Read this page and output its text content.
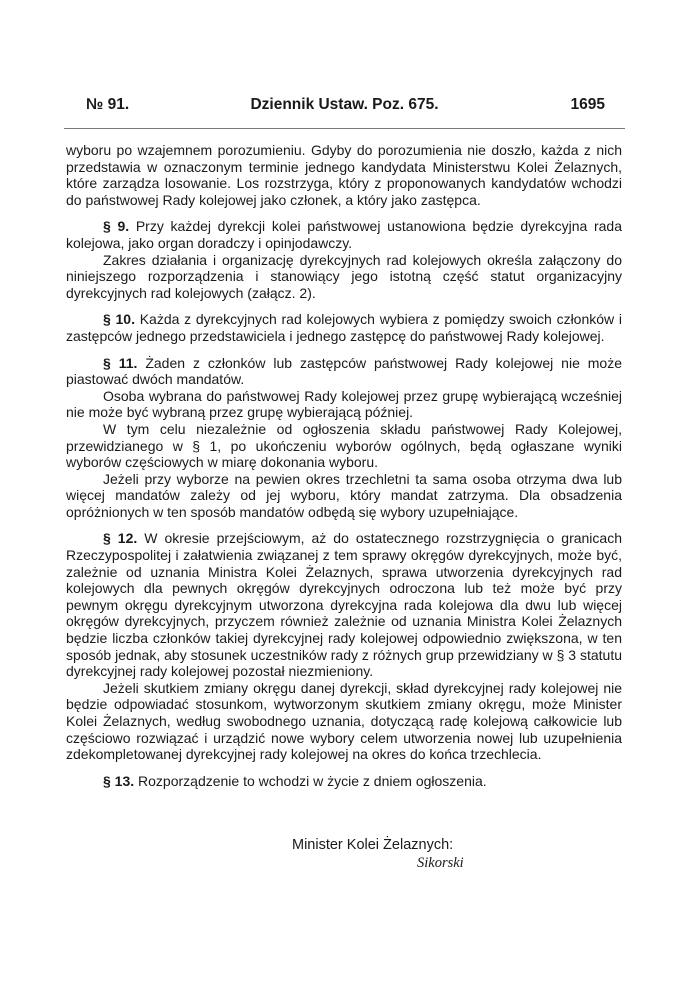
№ 91.	Dziennik Ustaw. Poz. 675.	1695

wyboru po wzajemnem porozumieniu. Gdyby do porozumienia nie doszło, każda z nich przedstawia w oznaczonym terminie jednego kandydata Ministerstwu Kolei Żelaznych, które zarządza losowanie. Los rozstrzyga, który z proponowanych kandydatów wchodzi do państwowej Rady kolejowej jako członek, a który jako zastępca.

§ 9. Przy każdej dyrekcji kolei państwowej ustanowiona będzie dyrekcyjna rada kolejowa, jako organ doradczy i opinjodawczy.

Zakres działania i organizację dyrekcyjnych rad kolejowych określa załączony do niniejszego rozporządzenia i stanowiący jego istotną część statut organizacyjny dyrekcyjnych rad kolejowych (załącz. 2).

§ 10. Każda z dyrekcyjnych rad kolejowych wybiera z pomiędzy swoich członków i zastępców jednego przedstawiciela i jednego zastępcę do państwowej Rady kolejowej.

§ 11. Żaden z członków lub zastępców państwowej Rady kolejowej nie może piastować dwóch mandatów.

Osoba wybrana do państwowej Rady kolejowej przez grupę wybierającą wcześniej nie może być wybraną przez grupę wybierającą później.

W tym celu niezależnie od ogłoszenia składu państwowej Rady Kolejowej, przewidzianego w § 1, po ukończeniu wyborów ogólnych, będą ogłaszane wyniki wyborów częściowych w miarę dokonania wyboru.

Jeżeli przy wyborze na pewien okres trzechletni ta sama osoba otrzyma dwa lub więcej mandatów zależy od jej wyboru, który mandat zatrzyma. Dla obsadzenia opróżnionych w ten sposób mandatów odbędą się wybory uzupełniające.

§ 12. W okresie przejściowym, aż do ostatecznego rozstrzygnięcia o granicach Rzeczypospolitej i załatwienia związanej z tem sprawy okręgów dyrekcyjnych, może być, zależnie od uznania Ministra Kolei Żelaznych, sprawa utworzenia dyrekcyjnych rad kolejowych dla pewnych okręgów dyrekcyjnych odroczona lub też może być przy pewnym okręgu dyrekcyjnym utworzona dyrekcyjna rada kolejowa dla dwu lub więcej okręgów dyrekcyjnych, przyczem również zależnie od uznania Ministra Kolei Żelaznych będzie liczba członków takiej dyrekcyjnej rady kolejowej odpowiednio zwiększona, w ten sposób jednak, aby stosunek uczestników rady z różnych grup przewidziany w § 3 statutu dyrekcyjnej rady kolejowej pozostał niezmieniony.

Jeżeli skutkiem zmiany okręgu danej dyrekcji, skład dyrekcyjnej rady kolejowej nie będzie odpowiadać stosunkom, wytworzonym skutkiem zmiany okręgu, może Minister Kolei Żelaznych, według swobodnego uznania, dotyczącą radę kolejową całkowicie lub częściowo rozwiązać i urządzić nowe wybory celem utworzenia nowej lub uzupełnienia zdekompletowanej dyrekcyjnej rady kolejowej na okres do końca trzechlecia.

§ 13. Rozporządzenie to wchodzi w życie z dniem ogłoszenia.

Minister Kolei Żelaznych:
Sikorski
